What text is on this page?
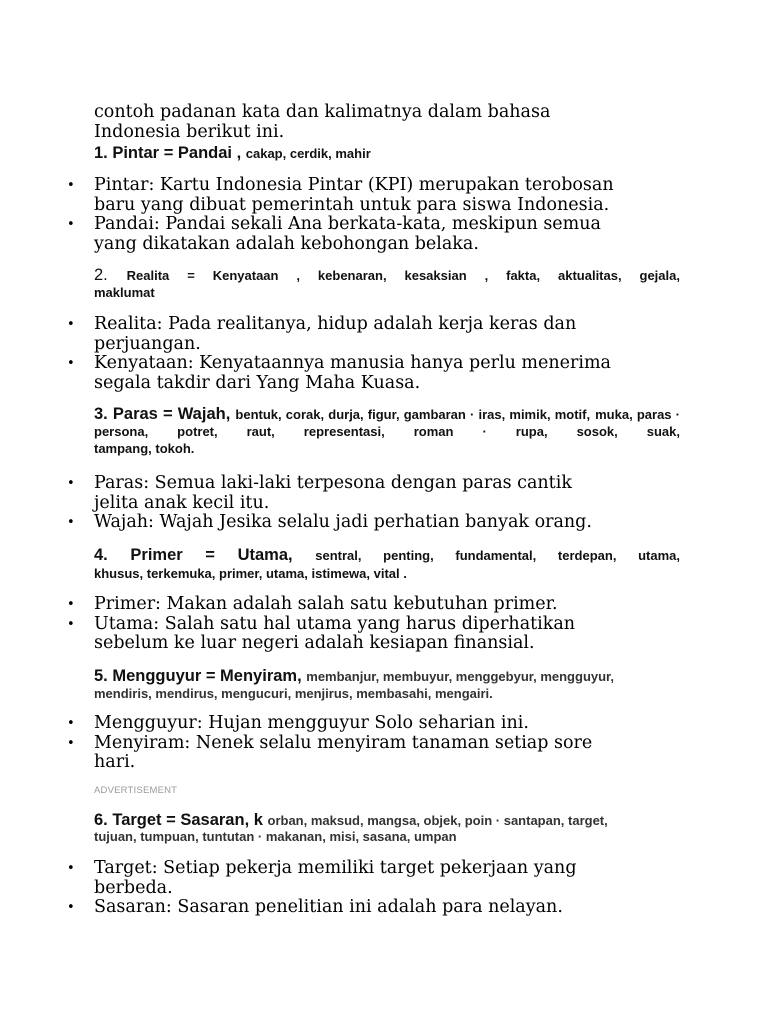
contoh padanan kata dan kalimatnya dalam bahasa
Indonesia berikut ini.
1. Pintar = Pandai , cakap, cerdik, mahir
• Pintar: Kartu Indonesia Pintar (KPI) merupakan terobosan
baru yang dibuat pemerintah untuk para siswa Indonesia.
• Pandai: Pandai sekali Ana berkata-kata, meskipun semua
yang dikatakan adalah kebohongan belaka.
2. Realita = Kenyataan , kebenaran, kesaksian , fakta, aktualitas, gejala,
maklumat
• Realita: Pada realitanya, hidup adalah kerja keras dan
perjuangan.
• Kenyataan: Kenyataannya manusia hanya perlu menerima
segala takdir dari Yang Maha Kuasa.
3. Paras = Wajah, bentuk, corak, durja, figur, gambaran · iras, mimik, motif, muka, paras · persona, potret, raut, representasi, roman · rupa, sosok, suak,
tampang, tokoh.
• Paras: Semua laki-laki terpesona dengan paras cantik
jelita anak kecil itu.
• Wajah: Wajah Jesika selalu jadi perhatian banyak orang.
4. Primer = Utama, sentral, penting, fundamental, terdepan, utama,
khusus, terkemuka, primer, utama, istimewa, vital .
• Primer: Makan adalah salah satu kebutuhan primer.
• Utama: Salah satu hal utama yang harus diperhatikan
sebelum ke luar negeri adalah kesiapan finansial.
5. Mengguyur = Menyiram, membanjur, membuyur, menggebyur, mengguyur,
mendiris, mendirus, mengucuri, menjirus, membasahi, mengairi.
• Mengguyur: Hujan mengguyur Solo seharian ini.
• Menyiram: Nenek selalu menyiram tanaman setiap sore
hari.
ADVERTISEMENT
6. Target = Sasaran, k orban, maksud, mangsa, objek, poin · santapan, target,
tujuan, tumpuan, tuntutan · makanan, misi, sasana, umpan
• Target: Setiap pekerja memiliki target pekerjaan yang
berbeda.
• Sasaran: Sasaran penelitian ini adalah para nelayan.
